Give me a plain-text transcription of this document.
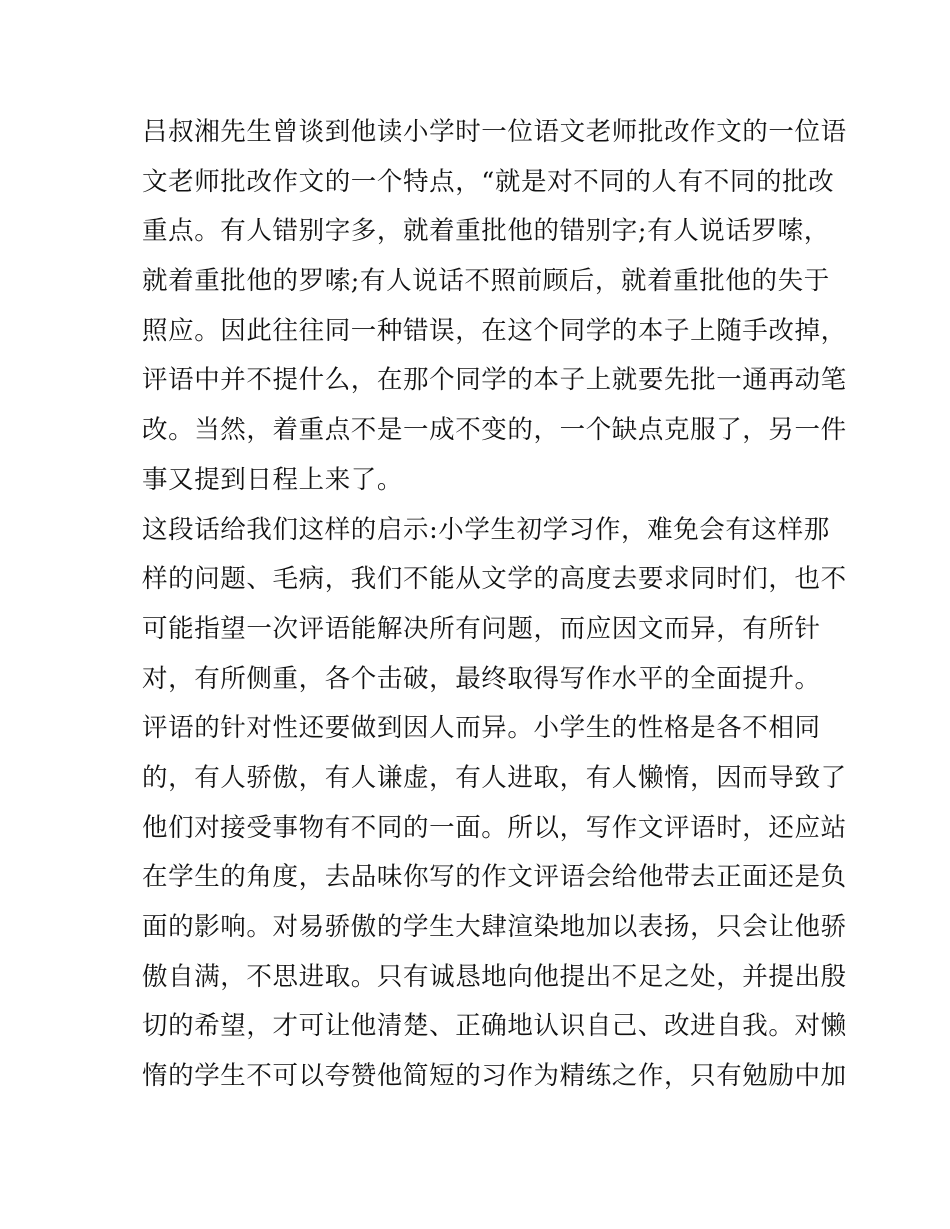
吕叔湘先生曾谈到他读小学时一位语文老师批改作文的一位语
文老师批改作文的一个特点，“就是对不同的人有不同的批改
重点。有人错别字多，就着重批他的错别字;有人说话罗嗦，
就着重批他的罗嗦;有人说话不照前顾后，就着重批他的失于
照应。因此往往同一种错误，在这个同学的本子上随手改掉，
评语中并不提什么，在那个同学的本子上就要先批一通再动笔
改。当然，着重点不是一成不变的，一个缺点克服了，另一件
事又提到日程上来了。
这段话给我们这样的启示:小学生初学习作，难免会有这样那
样的问题、毛病，我们不能从文学的高度去要求同时们，也不
可能指望一次评语能解决所有问题，而应因文而异，有所针
对，有所侧重，各个击破，最终取得写作水平的全面提升。
评语的针对性还要做到因人而异。小学生的性格是各不相同
的，有人骄傲，有人谦虚，有人进取，有人懒惰，因而导致了
他们对接受事物有不同的一面。所以，写作文评语时，还应站
在学生的角度，去品味你写的作文评语会给他带去正面还是负
面的影响。对易骄傲的学生大肆渲染地加以表扬，只会让他骄
傲自满，不思进取。只有诚恳地向他提出不足之处，并提出殷
切的希望，才可让他清楚、正确地认识自己、改进自我。对懒
惰的学生不可以夸赞他简短的习作为精练之作，只有勉励中加
